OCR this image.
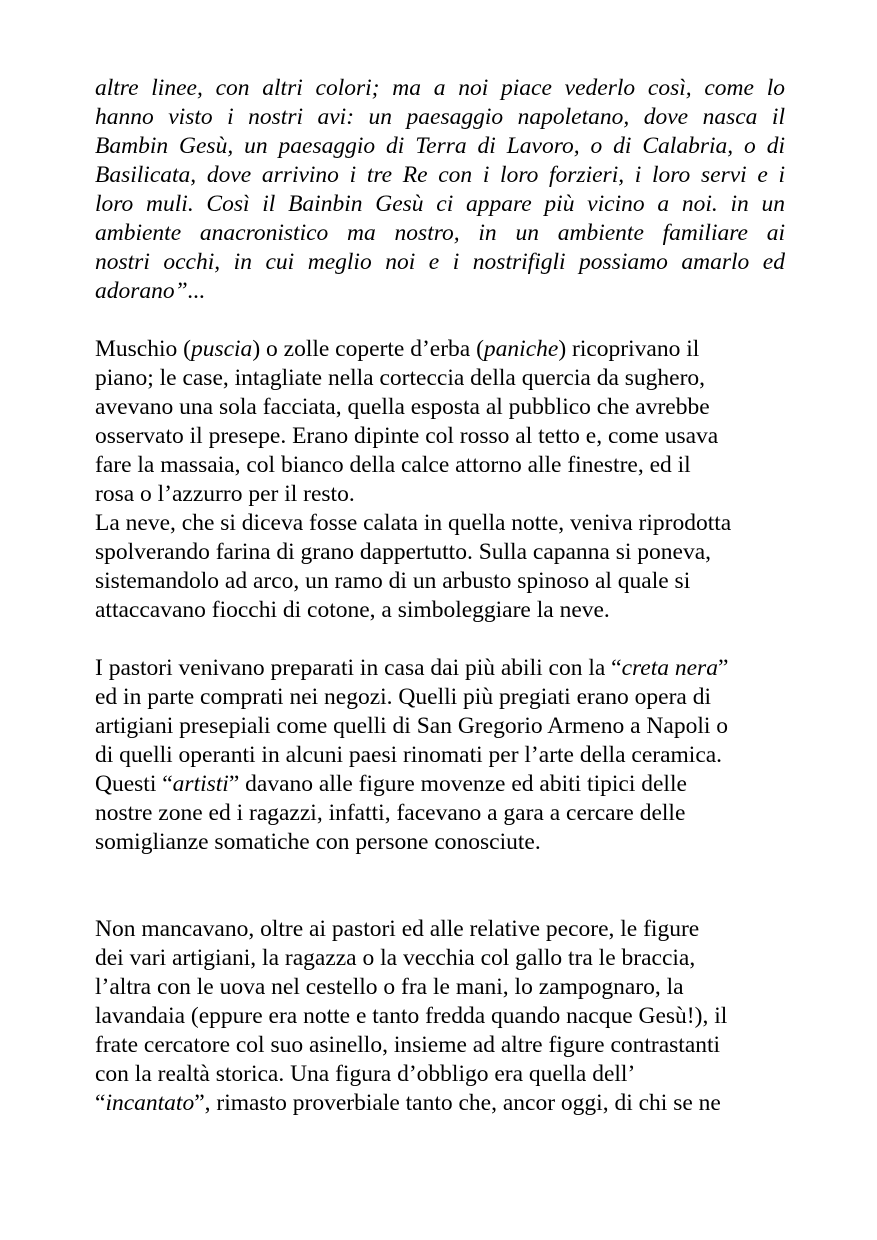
altre linee, con altri colori; ma a noi piace vederlo così, come lo
hanno visto i nostri avi: un paesaggio napoletano, dove nasca il
Bambin Gesù, un paesaggio di Terra di Lavoro, o di Calabria, o di
Basilicata, dove arrivino i tre Re con i loro forzieri, i loro servi e i
loro muli. Così il Bainbin Gesù ci appare più vicino a noi. in un
ambiente anacronistico ma nostro, in un ambiente familiare ai
nostri occhi, in cui meglio noi e i nostrifigli possiamo amarlo ed
adorano”...
Muschio (puscia) o zolle coperte d’erba (paniche) ricoprivano il
piano; le case, intagliate nella corteccia della quercia da sughero,
avevano una sola facciata, quella esposta al pubblico che avrebbe
osservato il presepe. Erano dipinte col rosso al tetto e, come usava
fare la massaia, col bianco della calce attorno alle finestre, ed il
rosa o l’azzurro per il resto.
La neve, che si diceva fosse calata in quella notte, veniva riprodotta
spolverando farina di grano dappertutto. Sulla capanna si poneva,
sistemandolo ad arco, un ramo di un arbusto spinoso al quale si
attaccavano fiocchi di cotone, a simboleggiare la neve.
I pastori venivano preparati in casa dai più abili con la “creta nera”
ed in parte comprati nei negozi. Quelli più pregiati erano opera di
artigiani presepiali come quelli di San Gregorio Armeno a Napoli o
di quelli operanti in alcuni paesi rinomati per l’arte della ceramica.
Questi “artisti” davano alle figure movenze ed abiti tipici delle
nostre zone ed i ragazzi, infatti, facevano a gara a cercare delle
somiglianze somatiche con persone conosciute.
Non mancavano, oltre ai pastori ed alle relative pecore, le figure
dei vari artigiani, la ragazza o la vecchia col gallo tra le braccia,
l’altra con le uova nel cestello o fra le mani, lo zampognaro, la
lavandaia (eppure era notte e tanto fredda quando nacque Gesù!), il
frate cercatore col suo asinello, insieme ad altre figure contrastanti
con la realtà storica. Una figura d’obbligo era quella dell’
“incantato”, rimasto proverbiale tanto che, ancor oggi, di chi se ne
